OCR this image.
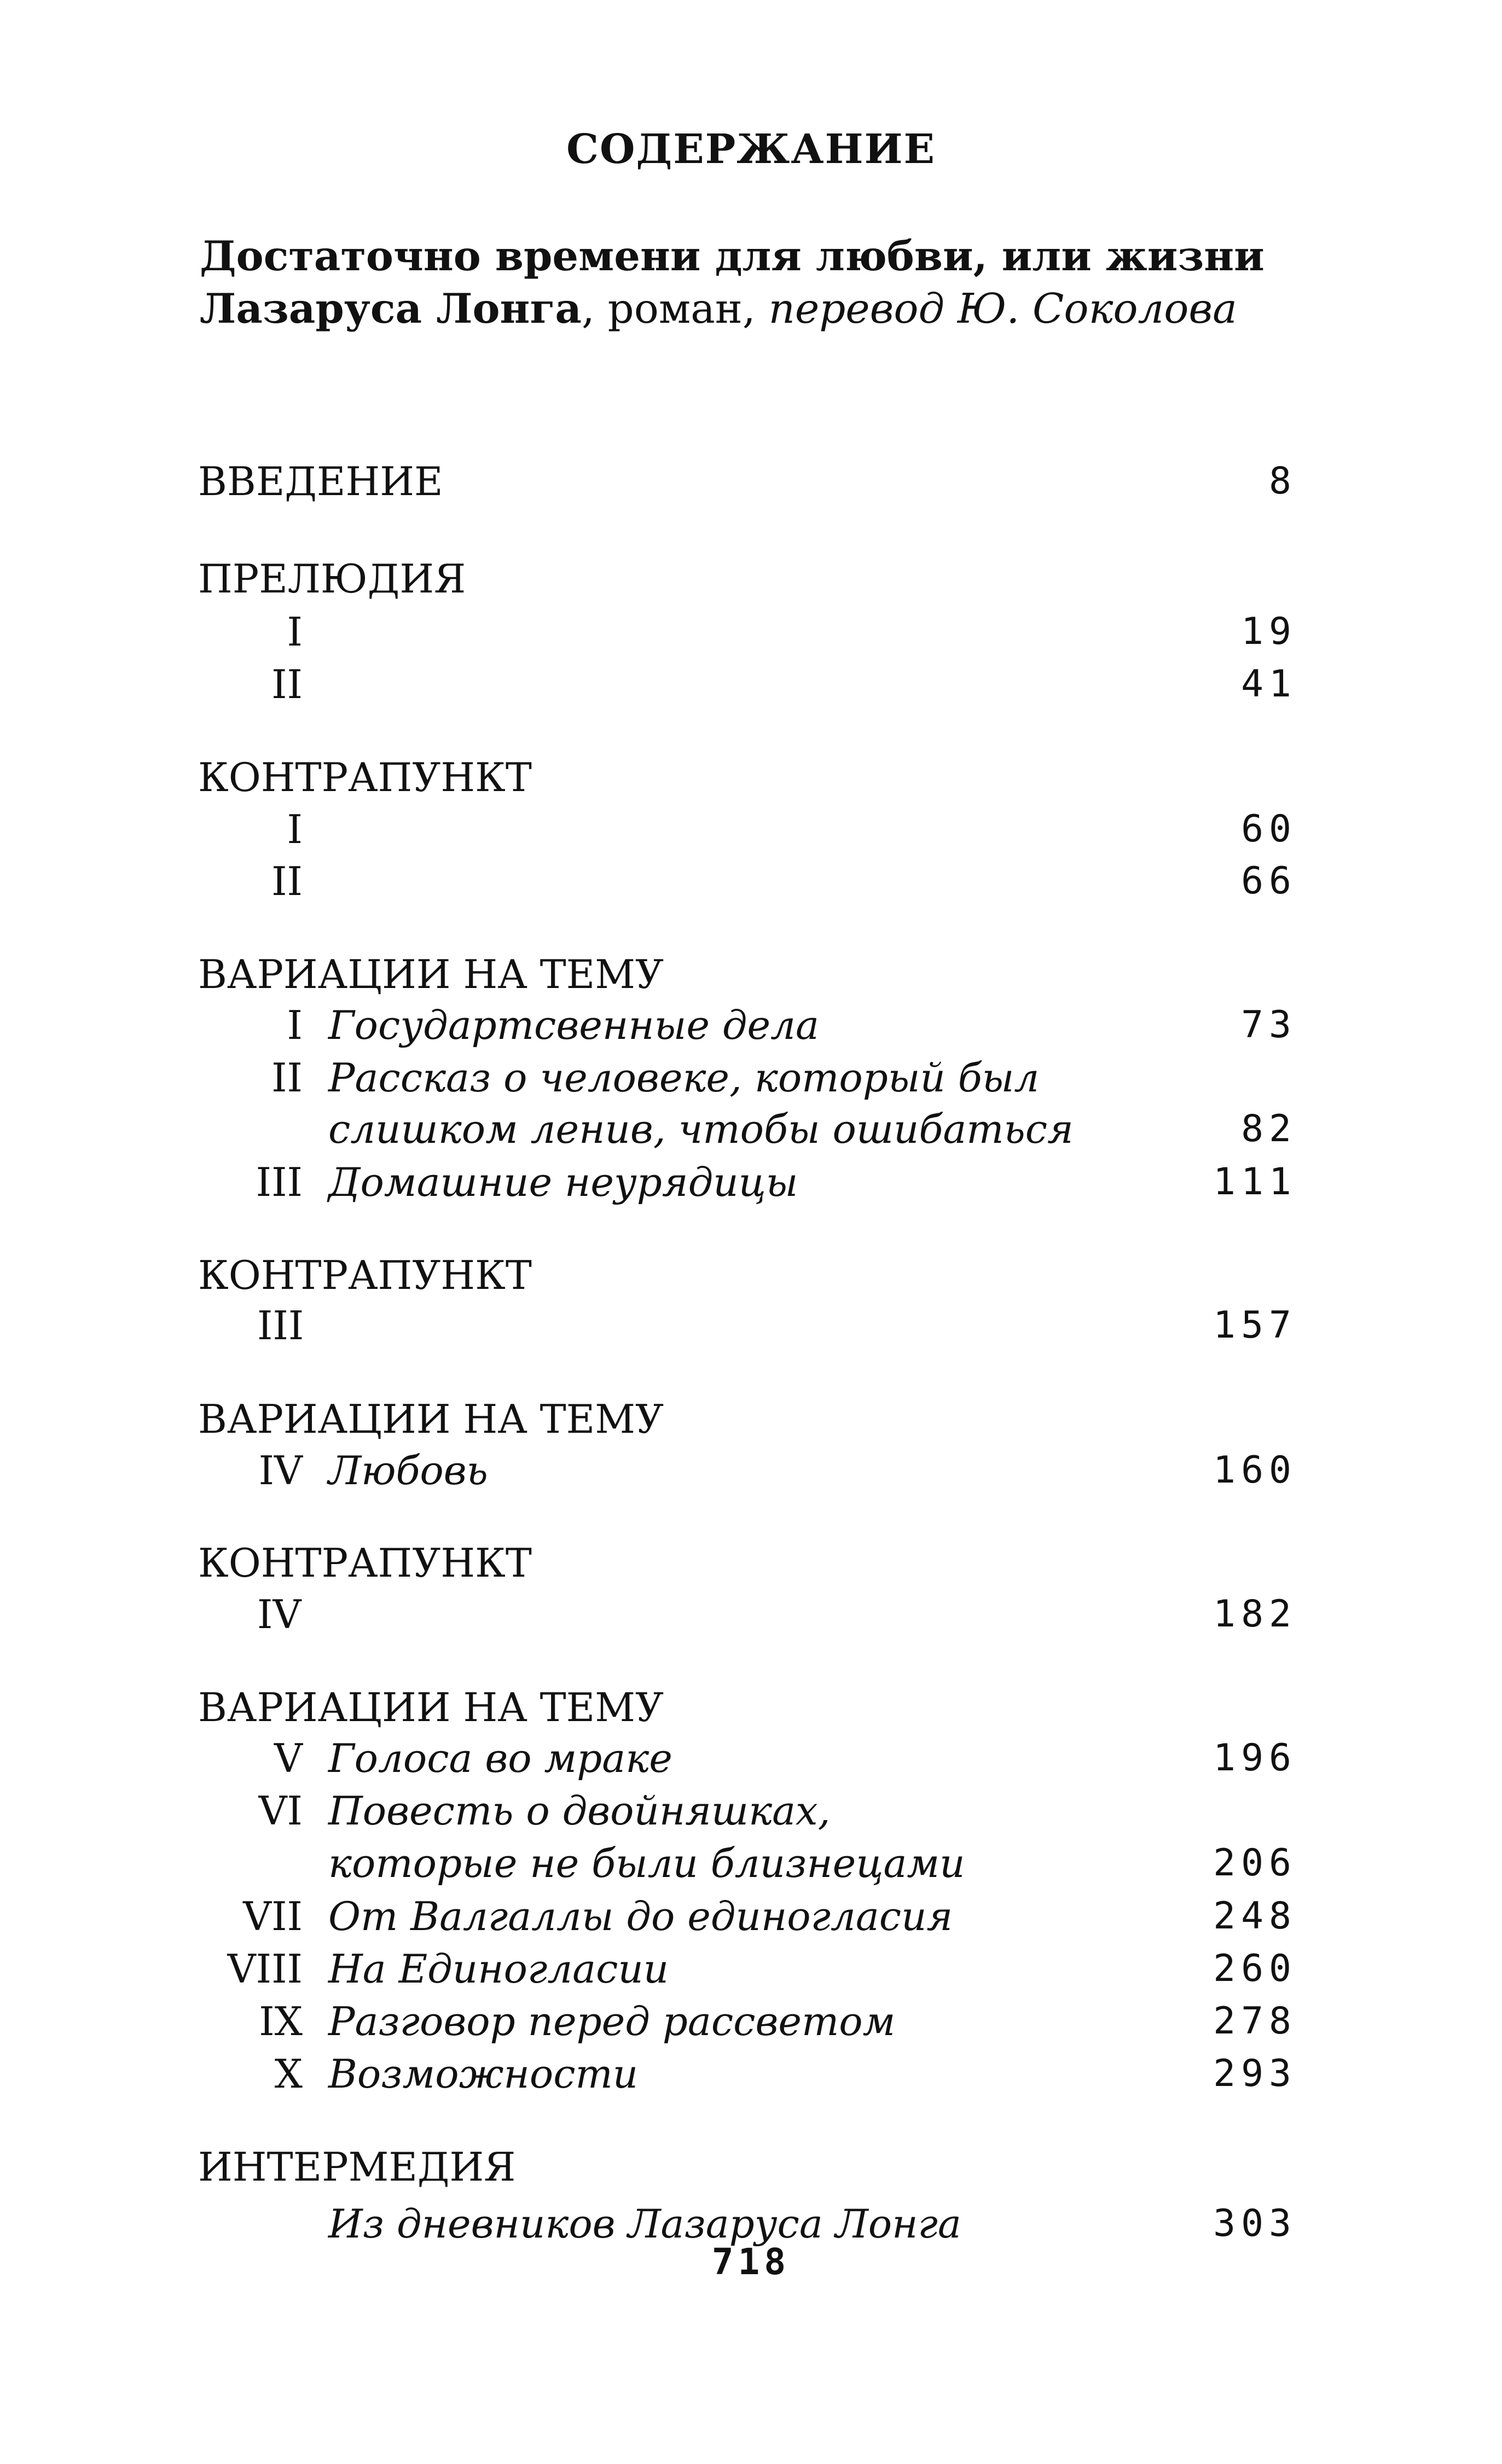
СОДЕРЖАНИЕ
Достаточно времени для любви, или жизни
Лазаруса Лонга, роман, перевод Ю. Соколова
ВВЕДЕНИЕ	8
ПРЕЛЮДИЯ
I	19
II	41
КОНТРАПУНКТ
I	60
II	66
ВАРИАЦИИ НА ТЕМУ
I Государтсвенные дела	73
II Рассказ о человеке, который был
слишком ленив, чтобы ошибаться	82
III Домашние неурядицы	111
КОНТРАПУНКТ
III	157
ВАРИАЦИИ НА ТЕМУ
IV Любовь	160
КОНТРАПУНКТ
IV	182
ВАРИАЦИИ НА ТЕМУ
V Голоса во мраке	196
VI Повесть о двойняшках,
которые не были близнецами	206
VII От Валгаллы до единогласия	248
VIII На Единогласии	260
IX Разговор перед рассветом	278
X Возможности	293
ИНТЕРМЕДИЯ
Из дневников Лазаруса Лонга	303
718
